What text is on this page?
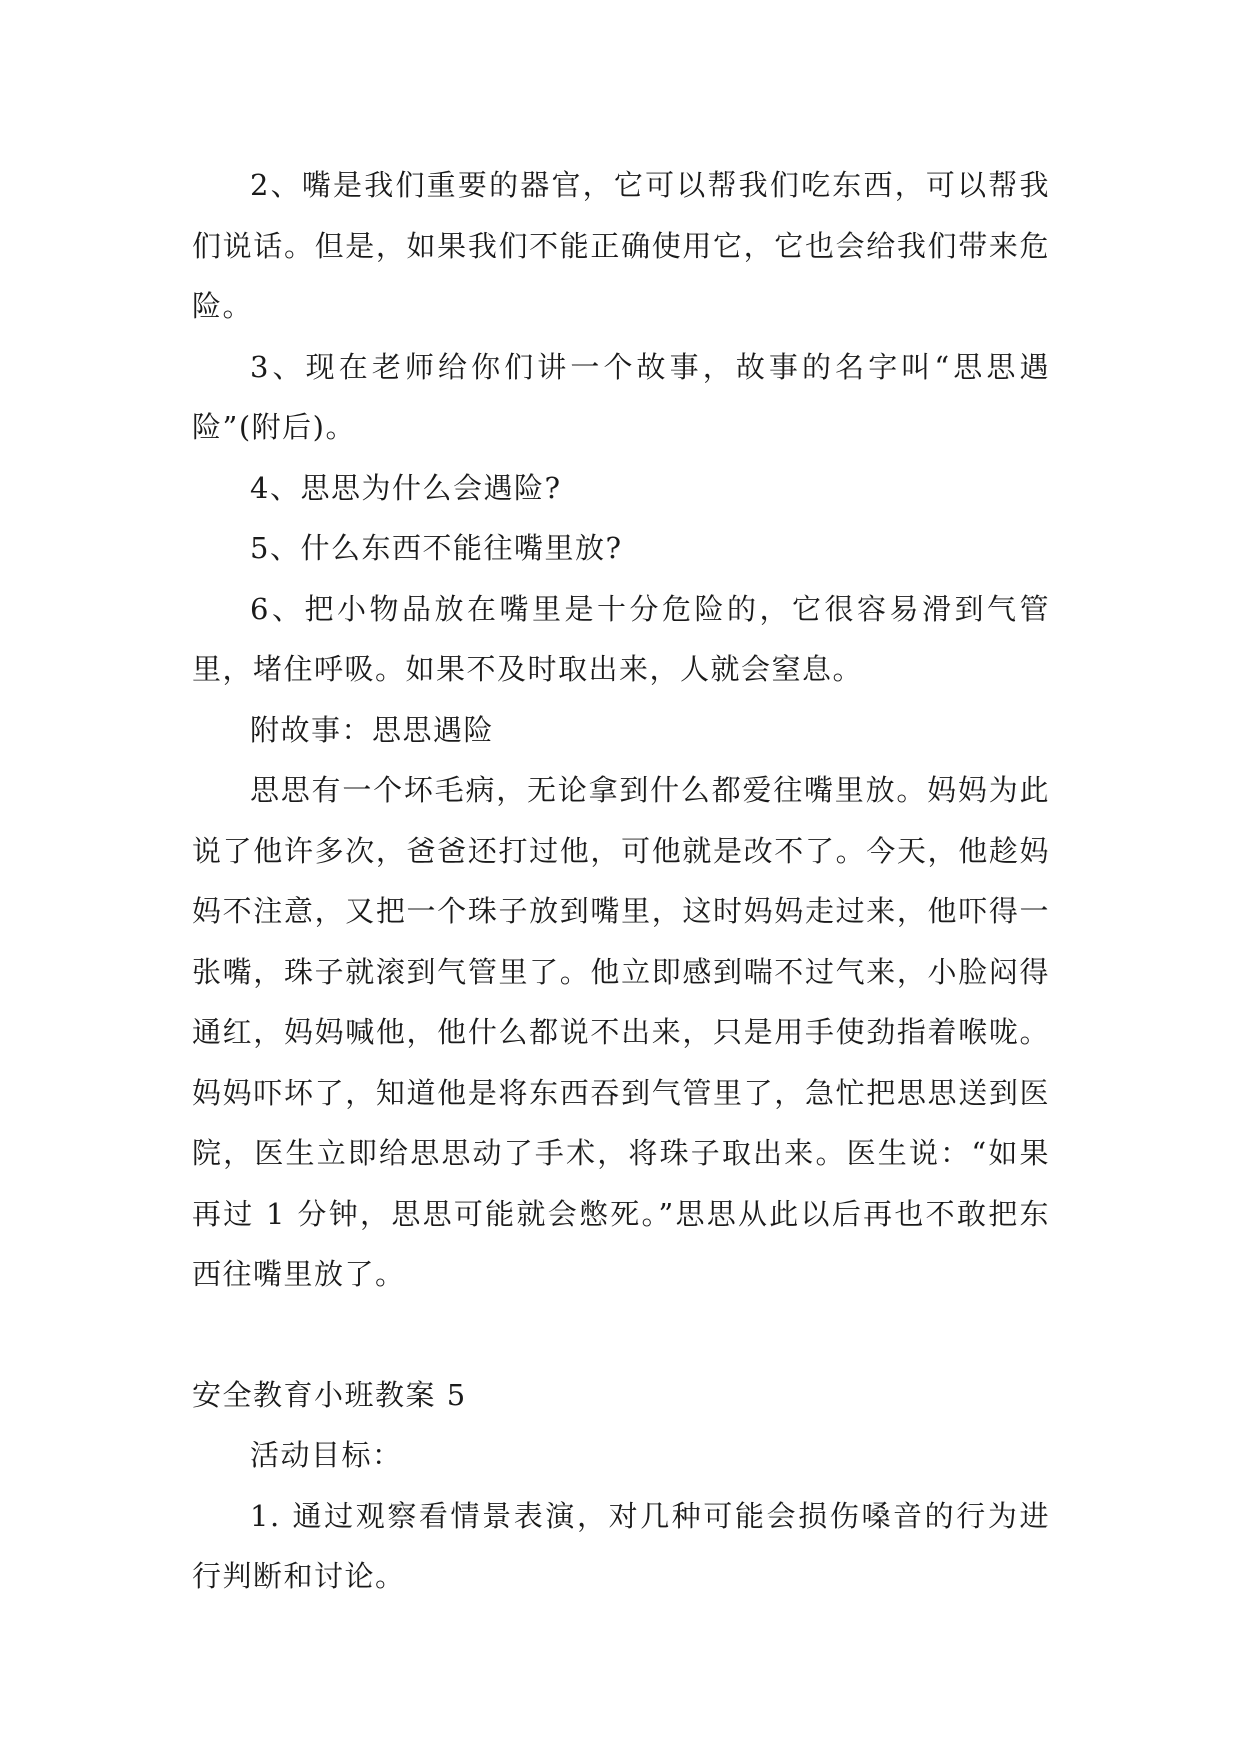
2、嘴是我们重要的器官，它可以帮我们吃东西，可以帮我们说话。但是，如果我们不能正确使用它，它也会给我们带来危险。

3、现在老师给你们讲一个故事，故事的名字叫“思思遇险”(附后)。

4、思思为什么会遇险?

5、什么东西不能往嘴里放?

6、把小物品放在嘴里是十分危险的，它很容易滑到气管里，堵住呼吸。如果不及时取出来，人就会窒息。

附故事：思思遇险

思思有一个坏毛病，无论拿到什么都爱往嘴里放。妈妈为此说了他许多次，爸爸还打过他，可他就是改不了。今天，他趁妈妈不注意，又把一个珠子放到嘴里，这时妈妈走过来，他吓得一张嘴，珠子就滚到气管里了。他立即感到喘不过气来，小脸闷得通红，妈妈喊他，他什么都说不出来，只是用手使劲指着喉咙。妈妈吓坏了，知道他是将东西吞到气管里了，急忙把思思送到医院，医生立即给思思动了手术，将珠子取出来。医生说：“如果再过 1 分钟，思思可能就会憋死。”思思从此以后再也不敢把东西往嘴里放了。

安全教育小班教案 5

活动目标：

1. 通过观察看情景表演，对几种可能会损伤嗓音的行为进行判断和讨论。
